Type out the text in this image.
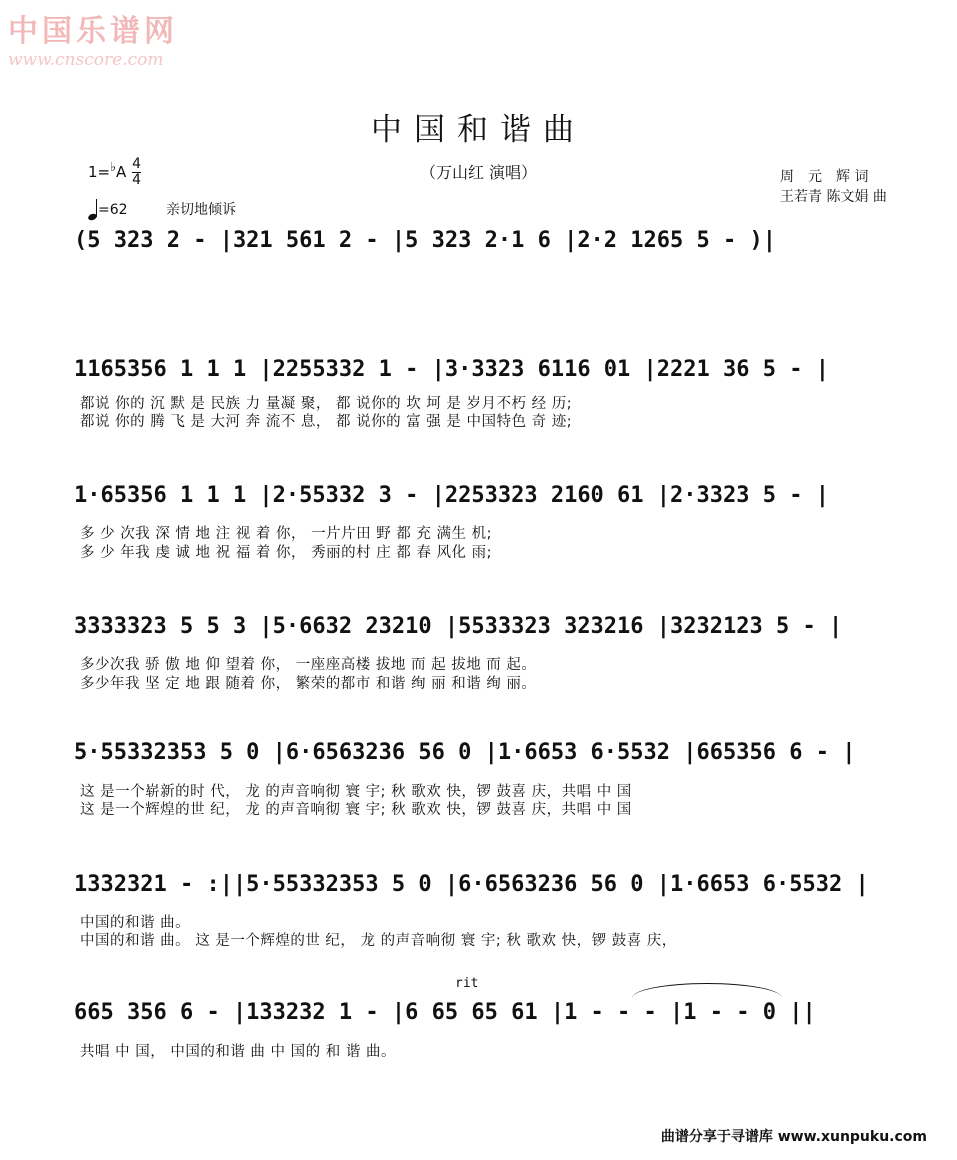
中国乐谱网
www.cnscore.com
中国和谐曲
（万山红 演唱）
$1=^♭A \frac{4}{4}$
=62	亲切地倾诉
周　元　辉 词
王若青 陈文娟 曲
(5 323 2 - |321 561 2 - |5 323 2·1 6 |2·2 1265 5 - )|
1165356 1 1 1 |2255332 1 - |3·3323 6116 01 |2221 36 5 - |
都说 你的 沉 默 是 民族 力 量凝 聚， 都 说你的 坎 坷 是 岁月不朽 经 历;
都说 你的 腾 飞 是 大河 奔 流不 息， 都 说你的 富 强 是 中国特色 奇 迹;
1·65356 1 1 1 |2·55332 3 - |2253323 2160 61 |2·3323 5 - |
多 少 次我 深 情 地 注 视 着 你， 一片片田 野 都 充 满生 机;
多 少 年我 虔 诚 地 祝 福 着 你， 秀丽的村 庄 都 春 风化 雨;
3333323 5 5 3 |5·6632 23210 |5533323 323216 |3232123 5 - |
多少次我 骄 傲 地 仰 望着 你， 一座座高楼 拔地 而 起 拔地 而 起。
多少年我 坚 定 地 跟 随着 你， 繁荣的都市 和谐 绚 丽 和谐 绚 丽。
5·55332353 5 0 |6·6563236 56 0 |1·6653 6·5532 |665356 6 - |
这 是一个崭新的时 代， 龙 的声音响彻 寰 宇; 秋 歌欢 快，锣 鼓喜 庆，共唱 中 国
这 是一个辉煌的世 纪， 龙 的声音响彻 寰 宇; 秋 歌欢 快，锣 鼓喜 庆，共唱 中 国
1332321 - :||5·55332353 5 0 |6·6563236 56 0 |1·6653 6·5532 |
中国的和谐 曲。
中国的和谐 曲。 这 是一个辉煌的世 纪， 龙 的声音响彻 寰 宇; 秋 歌欢 快，锣 鼓喜 庆，
rit
665 356 6 - |133232 1 - |6 65 65 61 |1 - - - |1 - - 0 ||
共唱 中 国， 中国的和谐 曲 中 国的 和 谐 曲。
曲谱分享于寻谱库 www.xunpuku.com
